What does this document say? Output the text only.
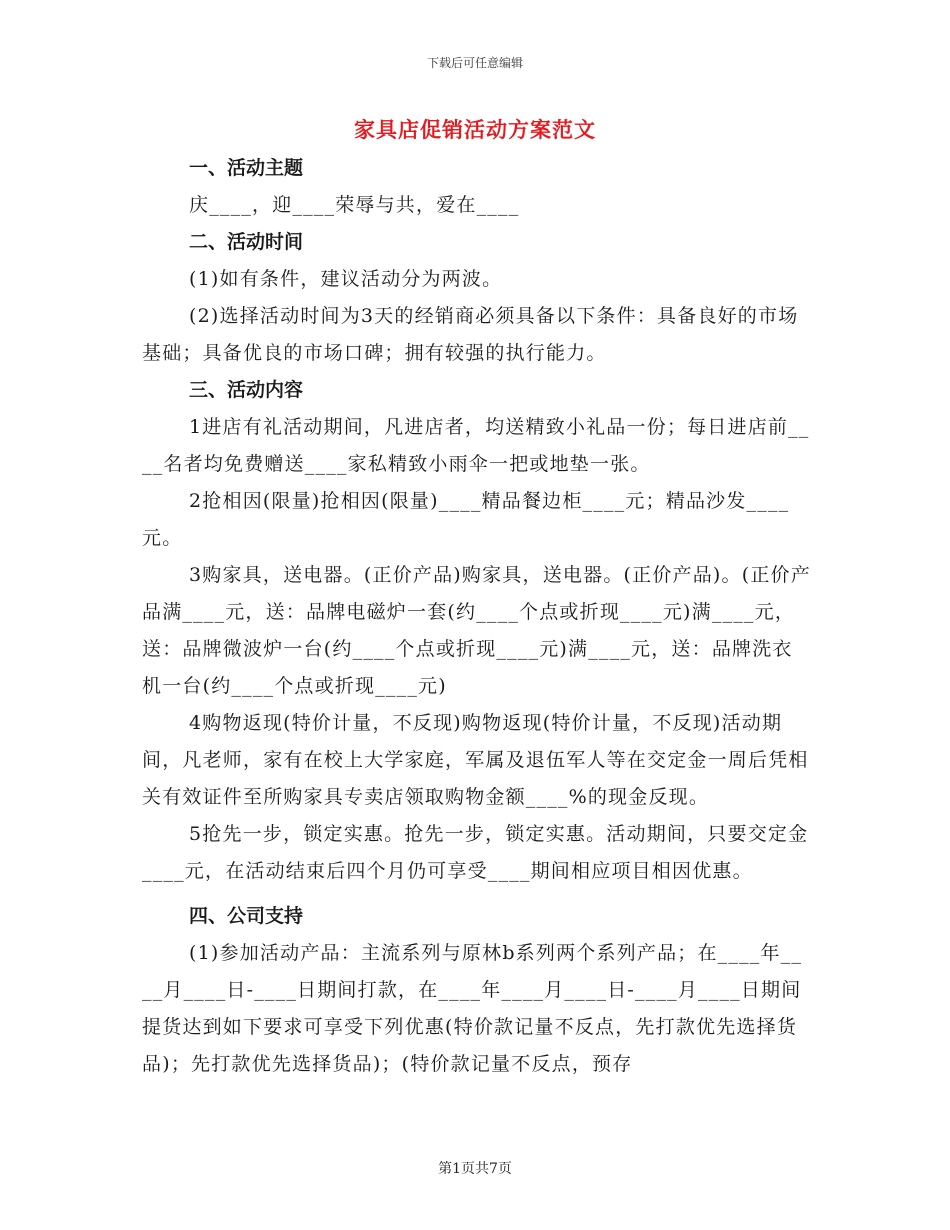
下载后可任意编辑
家具店促销活动方案范文

一、活动主题

庆____，迎____荣辱与共，爱在____

二、活动时间

(1)如有条件，建议活动分为两波。

(2)选择活动时间为3天的经销商必须具备以下条件：具备良好的市场基础；具备优良的市场口碑；拥有较强的执行能力。

三、活动内容

1进店有礼活动期间，凡进店者，均送精致小礼品一份；每日进店前____名者均免费赠送____家私精致小雨伞一把或地垫一张。

2抢相因(限量)抢相因(限量)____精品餐边柜____元；精品沙发____元。

3购家具，送电器。(正价产品)购家具，送电器。(正价产品)。(正价产品满____元，送：品牌电磁炉一套(约____个点或折现____元)满____元，送：品牌微波炉一台(约____个点或折现____元)满____元，送：品牌洗衣机一台(约____个点或折现____元)

4购物返现(特价计量，不反现)购物返现(特价计量，不反现)活动期间，凡老师，家有在校上大学家庭，军属及退伍军人等在交定金一周后凭相关有效证件至所购家具专卖店领取购物金额____%的现金反现。

5抢先一步，锁定实惠。抢先一步，锁定实惠。活动期间，只要交定金____元，在活动结束后四个月仍可享受____期间相应项目相因优惠。

四、公司支持

(1)参加活动产品：主流系列与原林b系列两个系列产品；在____年____月____日-____日期间打款，在____年____月____日-____月____日期间提货达到如下要求可享受下列优惠(特价款记量不反点，先打款优先选择货品)；先打款优先选择货品)；(特价款记量不反点，预存

第1页共7页
